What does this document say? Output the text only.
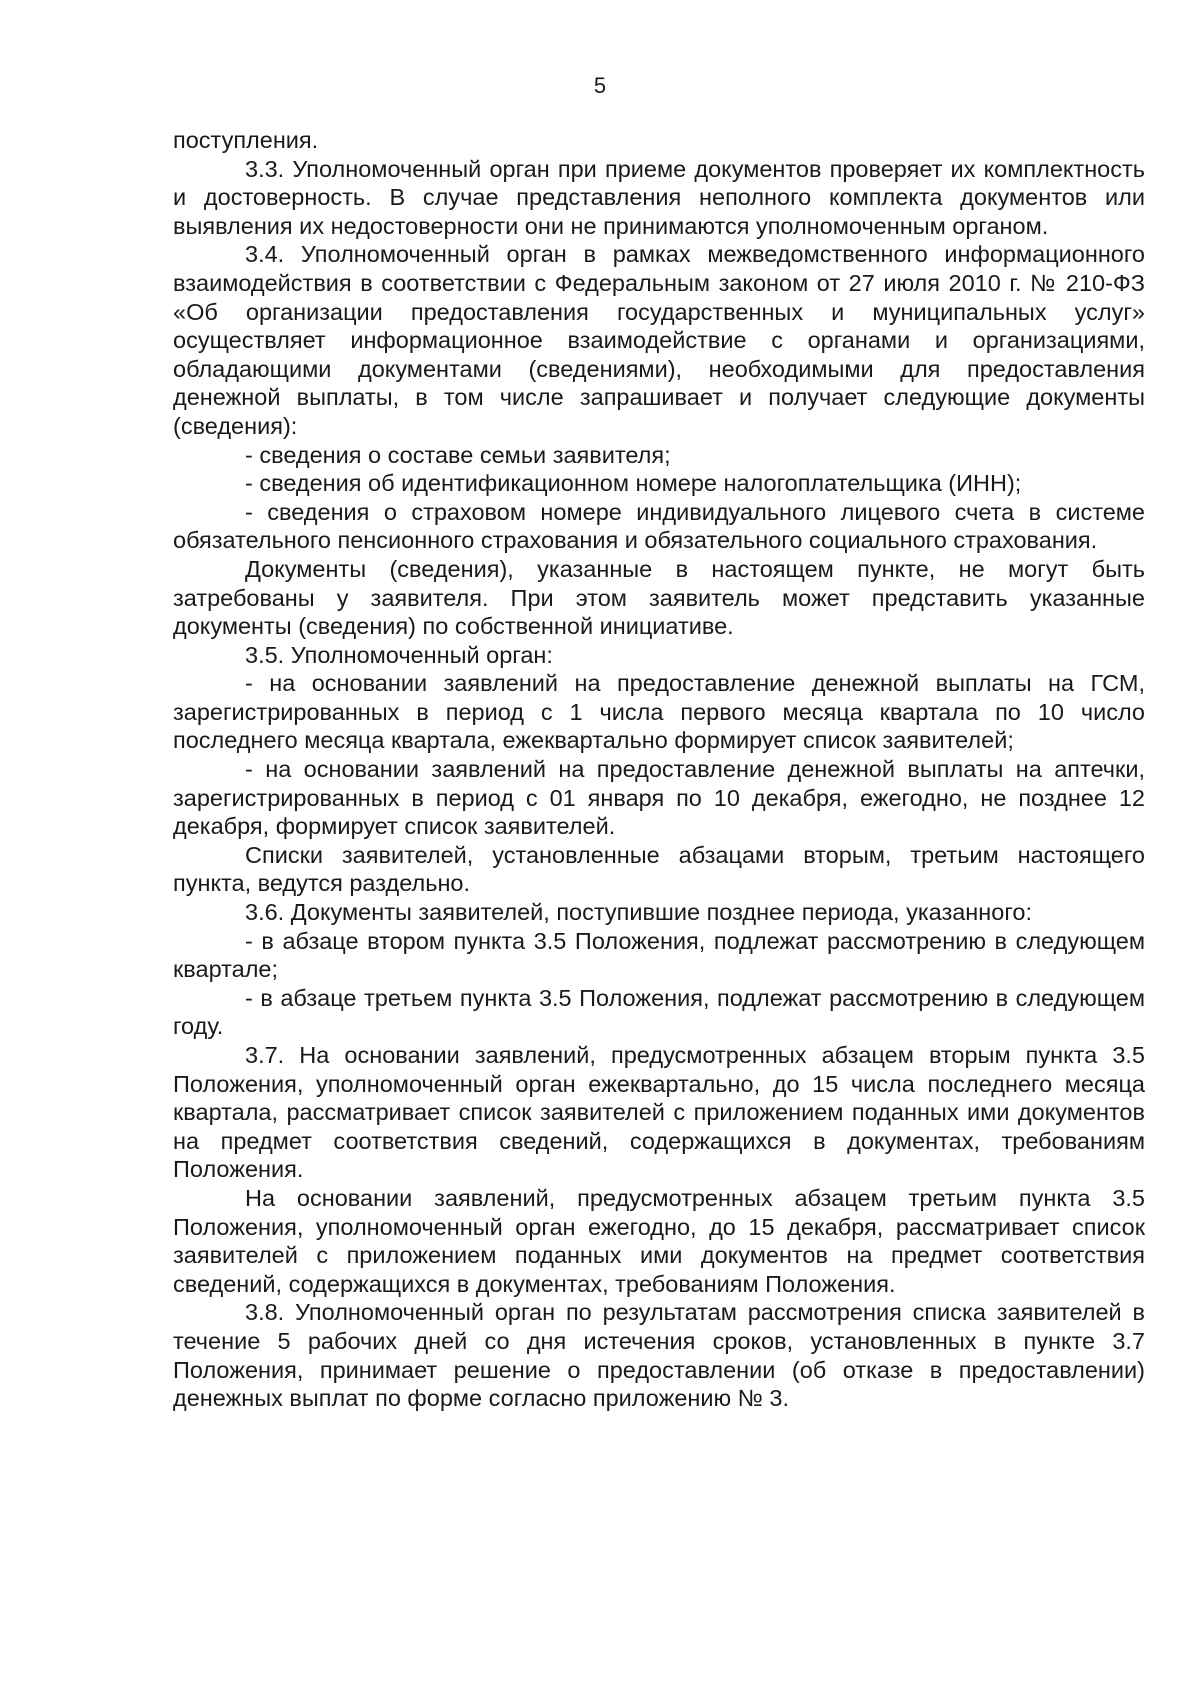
5

поступления.

3.3. Уполномоченный орган при приеме документов проверяет их комплектность и достоверность. В случае представления неполного комплекта документов или выявления их недостоверности они не принимаются уполномоченным органом.

3.4. Уполномоченный орган в рамках межведомственного информационного взаимодействия в соответствии с Федеральным законом от 27 июля 2010 г. № 210-ФЗ «Об организации предоставления государственных и муниципальных услуг» осуществляет информационное взаимодействие с органами и организациями, обладающими документами (сведениями), необходимыми для предоставления денежной выплаты, в том числе запрашивает и получает следующие документы (сведения):

- сведения о составе семьи заявителя;

- сведения об идентификационном номере налогоплательщика (ИНН);

- сведения о страховом номере индивидуального лицевого счета в системе обязательного пенсионного страхования и обязательного социального страхования.

Документы (сведения), указанные в настоящем пункте, не могут быть затребованы у заявителя. При этом заявитель может представить указанные документы (сведения) по собственной инициативе.

3.5. Уполномоченный орган:

- на основании заявлений на предоставление денежной выплаты на ГСМ, зарегистрированных в период с 1 числа первого месяца квартала по 10 число последнего месяца квартала, ежеквартально формирует список заявителей;

- на основании заявлений на предоставление денежной выплаты на аптечки, зарегистрированных в период с 01 января по 10 декабря, ежегодно, не позднее 12 декабря, формирует список заявителей.

Списки заявителей, установленные абзацами вторым, третьим настоящего пункта, ведутся раздельно.

3.6. Документы заявителей, поступившие позднее периода, указанного:

- в абзаце втором пункта 3.5 Положения, подлежат рассмотрению в следующем квартале;

- в абзаце третьем пункта 3.5 Положения, подлежат рассмотрению в следующем году.

3.7. На основании заявлений, предусмотренных абзацем вторым пункта 3.5 Положения, уполномоченный орган ежеквартально, до 15 числа последнего месяца квартала, рассматривает список заявителей с приложением поданных ими документов на предмет соответствия сведений, содержащихся в документах, требованиям Положения.

На основании заявлений, предусмотренных абзацем третьим пункта 3.5 Положения, уполномоченный орган ежегодно, до 15 декабря, рассматривает список заявителей с приложением поданных ими документов на предмет соответствия сведений, содержащихся в документах, требованиям Положения.

3.8. Уполномоченный орган по результатам рассмотрения списка заявителей в течение 5 рабочих дней со дня истечения сроков, установленных в пункте 3.7 Положения, принимает решение о предоставлении (об отказе в предоставлении) денежных выплат по форме согласно приложению № 3.
